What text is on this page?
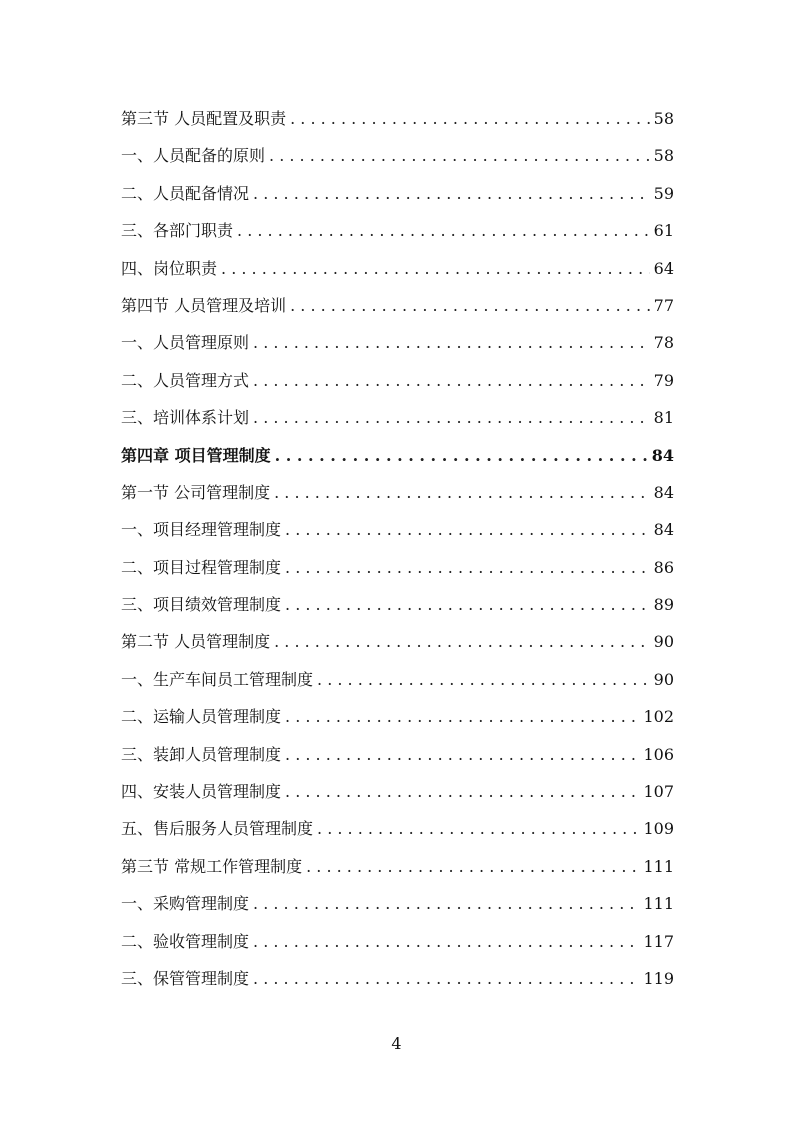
第三节 人员配置及职责 . . .	58
一、人员配备的原则 . . .	58
二、人员配备情况 . . .	59
三、各部门职责 . . .	61
四、岗位职责 . . .	64
第四节 人员管理及培训 . . .	77
一、人员管理原则 . . .	78
二、人员管理方式 . . .	79
三、培训体系计划 . . .	81
第四章 项目管理制度 . . .	84
第一节 公司管理制度 . . .	84
一、项目经理管理制度 . . .	84
二、项目过程管理制度 . . .	86
三、项目绩效管理制度 . . .	89
第二节 人员管理制度 . . .	90
一、生产车间员工管理制度 . . .	90
二、运输人员管理制度 . . .	102
三、装卸人员管理制度 . . .	106
四、安装人员管理制度 . . .	107
五、售后服务人员管理制度 . . .	109
第三节 常规工作管理制度 . . .	111
一、采购管理制度 . . .	111
二、验收管理制度 . . .	117
三、保管管理制度 . . .	119
4
